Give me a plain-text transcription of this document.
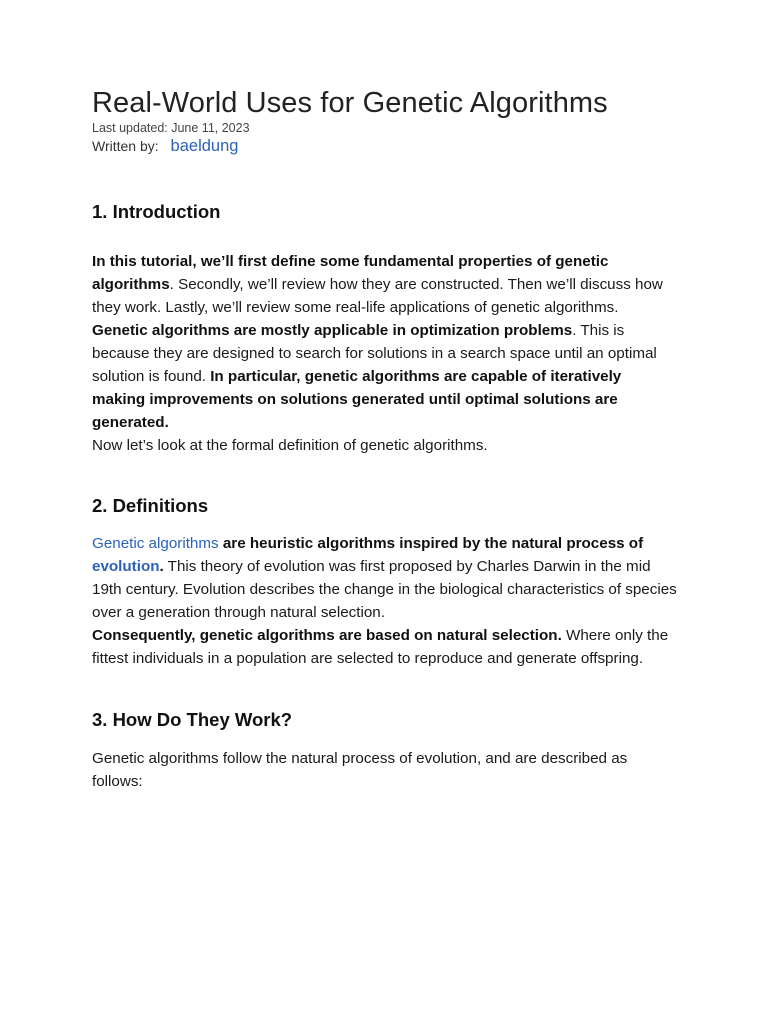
Real-World Uses for Genetic Algorithms
Last updated: June 11, 2023
Written by: baeldung
1. Introduction

In this tutorial, we’ll first define some fundamental properties of genetic algorithms. Secondly, we’ll review how they are constructed. Then we’ll discuss how they work. Lastly, we’ll review some real-life applications of genetic algorithms.

Genetic algorithms are mostly applicable in optimization problems. This is because they are designed to search for solutions in a search space until an optimal solution is found. In particular, genetic algorithms are capable of iteratively making improvements on solutions generated until optimal solutions are generated.

Now let’s look at the formal definition of genetic algorithms.

2. Definitions

Genetic algorithms are heuristic algorithms inspired by the natural process of evolution. This theory of evolution was first proposed by Charles Darwin in the mid 19th century. Evolution describes the change in the biological characteristics of species over a generation through natural selection.

Consequently, genetic algorithms are based on natural selection. Where only the fittest individuals in a population are selected to reproduce and generate offspring.

3. How Do They Work?

Genetic algorithms follow the natural process of evolution, and are described as follows:
